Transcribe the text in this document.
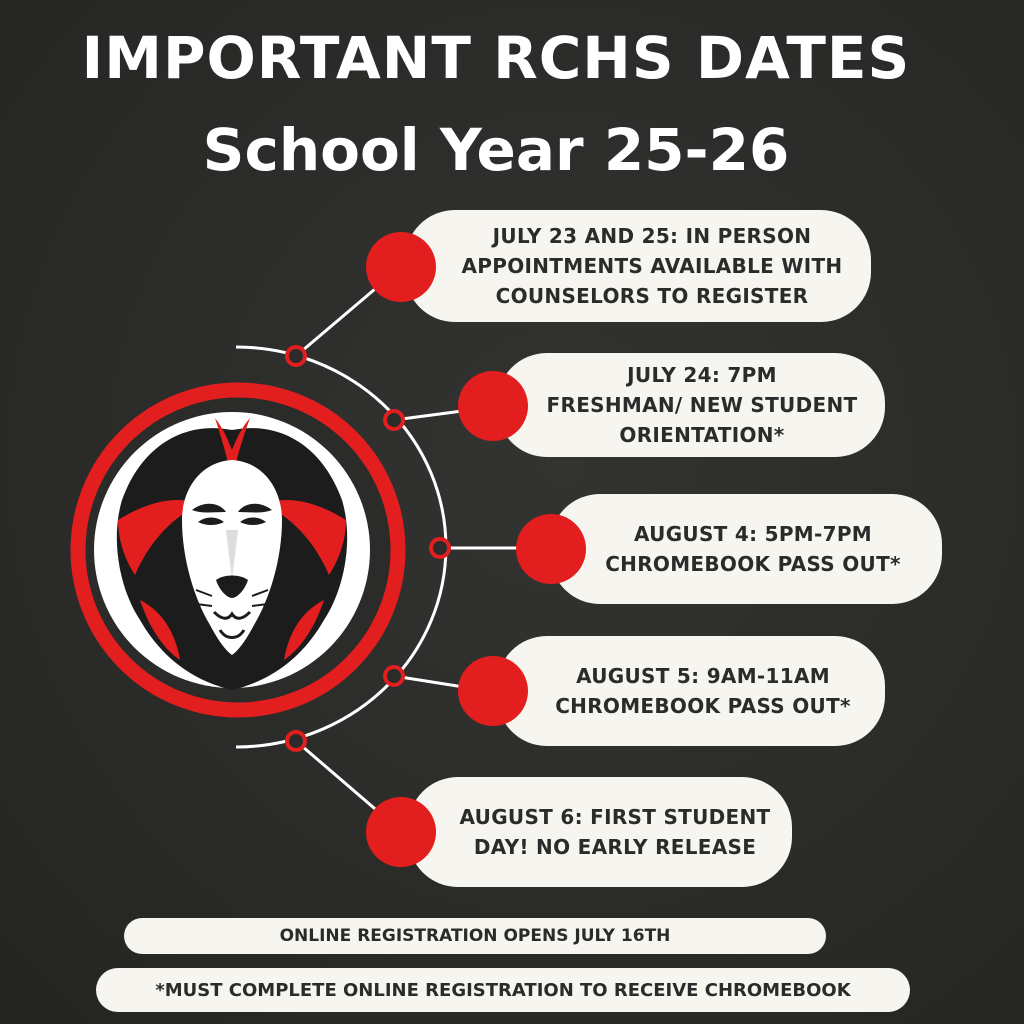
IMPORTANT RCHS DATES
School Year 25-26
JULY 23 AND 25: IN PERSON
APPOINTMENTS AVAILABLE WITH
COUNSELORS TO REGISTER
JULY 24: 7PM
FRESHMAN/ NEW STUDENT
ORIENTATION*
AUGUST 4: 5PM-7PM
CHROMEBOOK PASS OUT*
AUGUST 5: 9AM-11AM
CHROMEBOOK PASS OUT*
AUGUST 6: FIRST STUDENT
DAY! NO EARLY RELEASE
ONLINE REGISTRATION OPENS JULY 16TH
*MUST COMPLETE ONLINE REGISTRATION TO RECEIVE CHROMEBOOK
